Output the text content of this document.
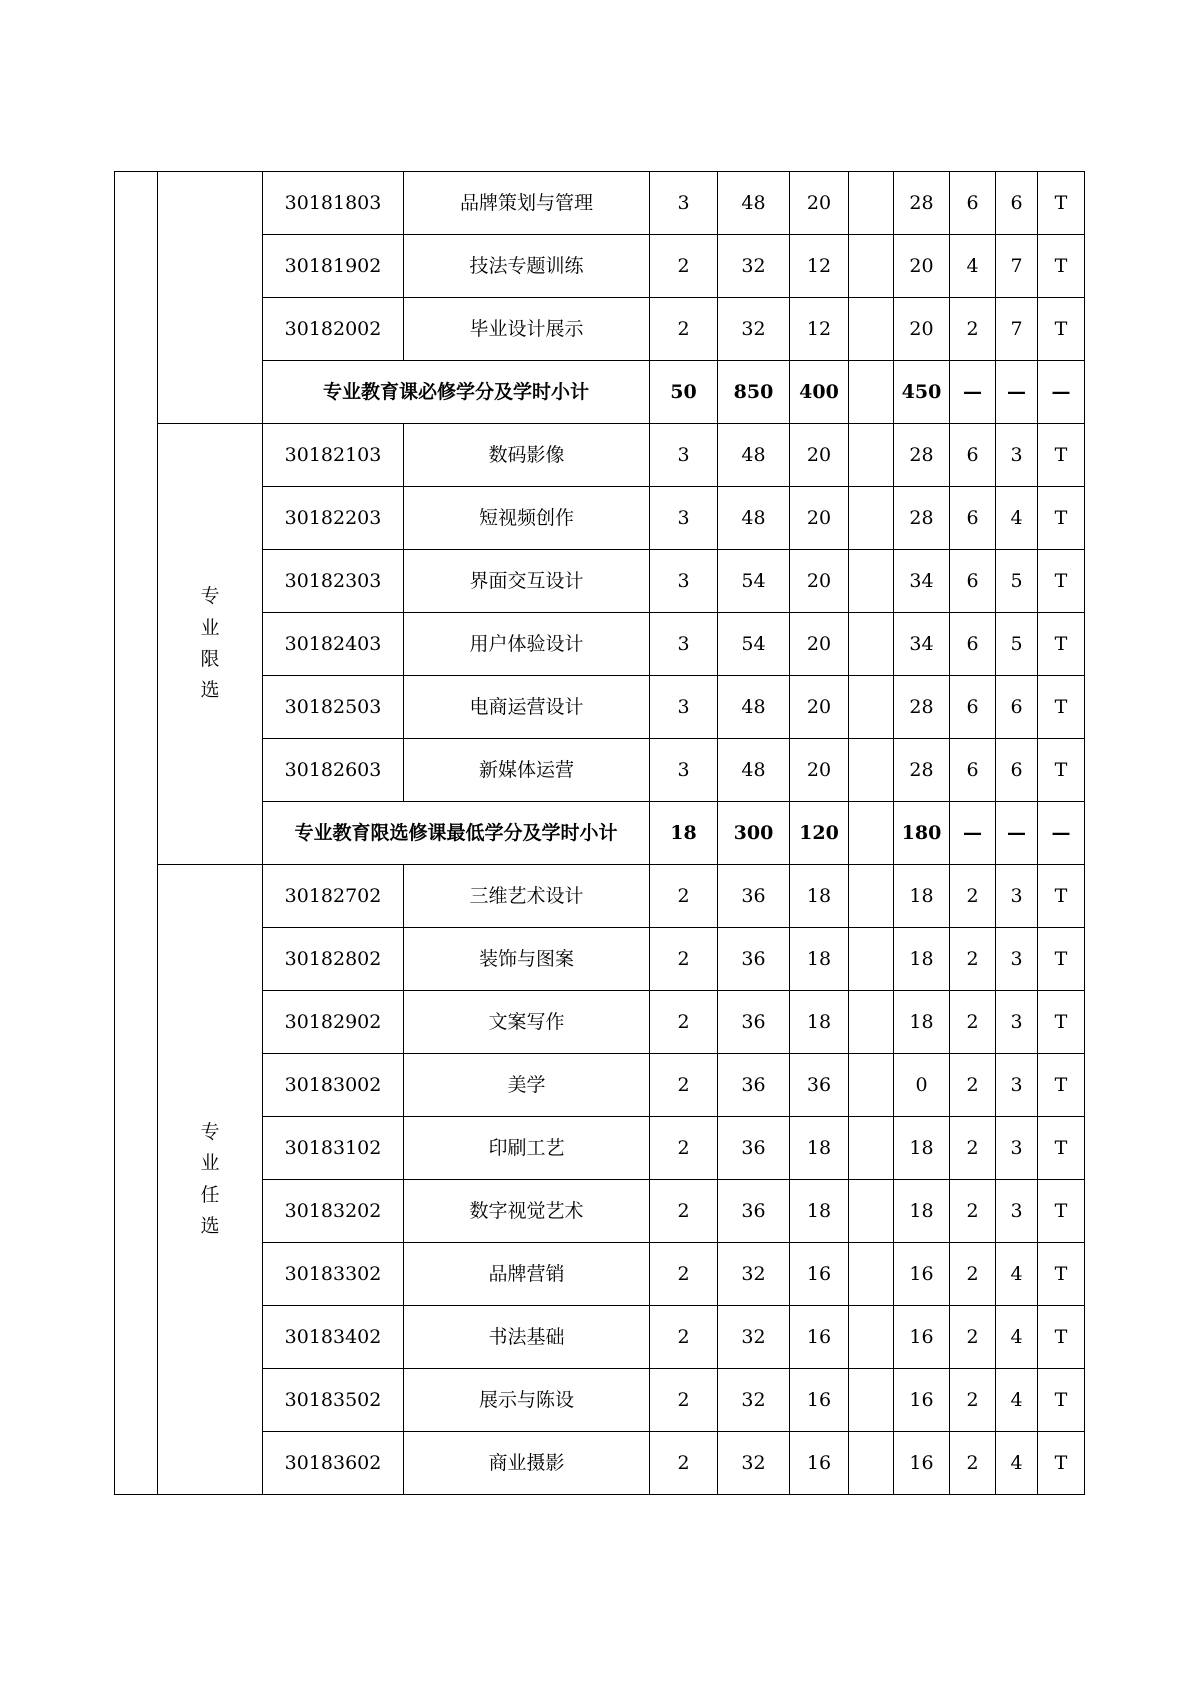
		30181803	品牌策划与管理	3	48	20		28	6	6	T
		30181902	技法专题训练	2	32	12		20	4	7	T
		30182002	毕业设计展示	2	32	12		20	2	7	T
		专业教育课必修学分及学时小计		50	850	400		450	—	—	—
	专业限选	30182103	数码影像	3	48	20		28	6	3	T
		30182203	短视频创作	3	48	20		28	6	4	T
		30182303	界面交互设计	3	54	20		34	6	5	T
		30182403	用户体验设计	3	54	20		34	6	5	T
		30182503	电商运营设计	3	48	20		28	6	6	T
		30182603	新媒体运营	3	48	20		28	6	6	T
		专业教育限选修课最低学分及学时小计		18	300	120		180	—	—	—
	专业任选	30182702	三维艺术设计	2	36	18		18	2	3	T
		30182802	装饰与图案	2	36	18		18	2	3	T
		30182902	文案写作	2	36	18		18	2	3	T
		30183002	美学	2	36	36		0	2	3	T
		30183102	印刷工艺	2	36	18		18	2	3	T
		30183202	数字视觉艺术	2	36	18		18	2	3	T
		30183302	品牌营销	2	32	16		16	2	4	T
		30183402	书法基础	2	32	16		16	2	4	T
		30183502	展示与陈设	2	32	16		16	2	4	T
		30183602	商业摄影	2	32	16		16	2	4	T
